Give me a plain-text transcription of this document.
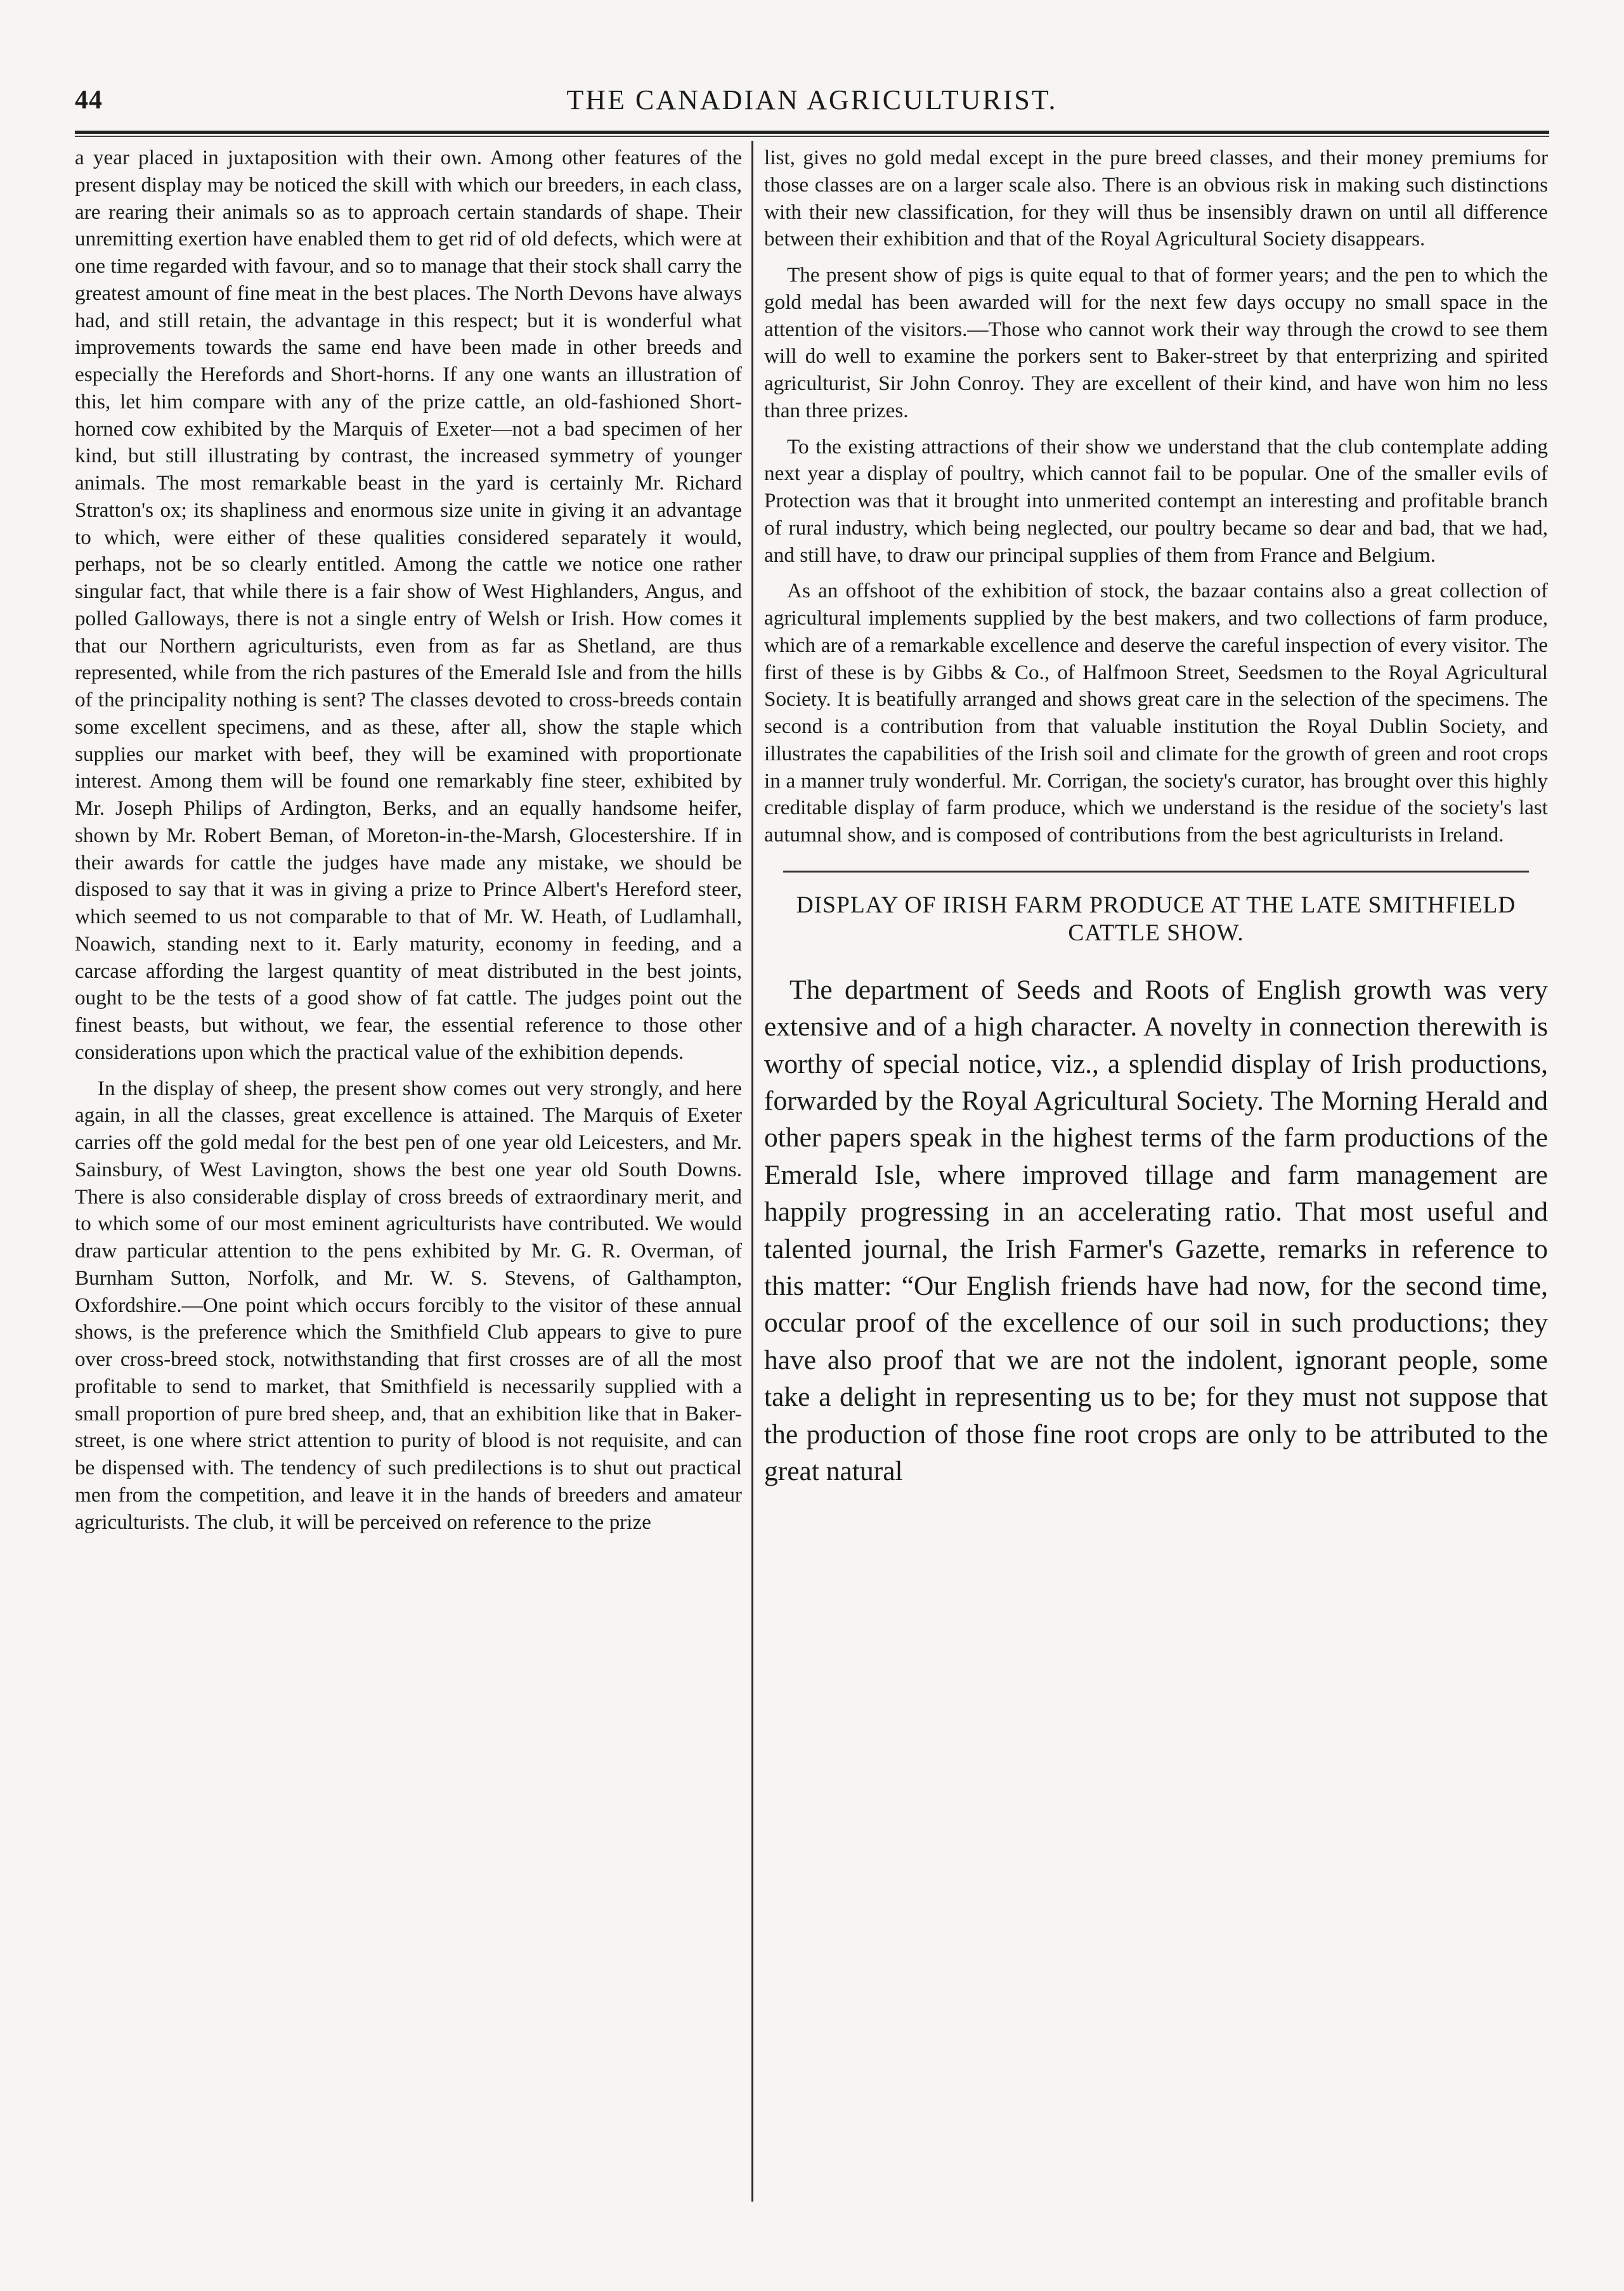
44	THE CANADIAN AGRICULTURIST.

a year placed in juxtaposition with their own. Among other features of the present display may be noticed the skill with which our breeders, in each class, are rearing their animals so as to approach certain standards of shape. Their unremitting exertion have enabled them to get rid of old defects, which were at one time regarded with favour, and so to manage that their stock shall carry the greatest amount of fine meat in the best places. The North Devons have always had, and still retain, the advantage in this respect; but it is wonderful what improvements towards the same end have been made in other breeds and especially the Herefords and Short-horns. If any one wants an illustration of this, let him compare with any of the prize cattle, an old-fashioned Short-horned cow exhibited by the Marquis of Exeter—not a bad specimen of her kind, but still illustrating by contrast, the increased symmetry of younger animals. The most remarkable beast in the yard is certainly Mr. Richard Stratton's ox; its shapliness and enormous size unite in giving it an advantage to which, were either of these qualities considered separately it would, perhaps, not be so clearly entitled. Among the cattle we notice one rather singular fact, that while there is a fair show of West Highlanders, Angus, and polled Galloways, there is not a single entry of Welsh or Irish. How comes it that our Northern agriculturists, even from as far as Shetland, are thus represented, while from the rich pastures of the Emerald Isle and from the hills of the principality nothing is sent? The classes devoted to cross-breeds contain some excellent specimens, and as these, after all, show the staple which supplies our market with beef, they will be examined with proportionate interest. Among them will be found one remarkably fine steer, exhibited by Mr. Joseph Philips of Ardington, Berks, and an equally handsome heifer, shown by Mr. Robert Beman, of Moreton-in-the-Marsh, Glocestershire. If in their awards for cattle the judges have made any mistake, we should be disposed to say that it was in giving a prize to Prince Albert's Hereford steer, which seemed to us not comparable to that of Mr. W. Heath, of Ludlamhall, Noawich, standing next to it. Early maturity, economy in feeding, and a carcase affording the largest quantity of meat distributed in the best joints, ought to be the tests of a good show of fat cattle. The judges point out the finest beasts, but without, we fear, the essential reference to those other considerations upon which the practical value of the exhibition depends.

In the display of sheep, the present show comes out very strongly, and here again, in all the classes, great excellence is attained. The Marquis of Exeter carries off the gold medal for the best pen of one year old Leicesters, and Mr. Sainsbury, of West Lavington, shows the best one year old South Downs. There is also considerable display of cross breeds of extraordinary merit, and to which some of our most eminent agriculturists have contributed. We would draw particular attention to the pens exhibited by Mr. G. R. Overman, of Burnham Sutton, Norfolk, and Mr. W. S. Stevens, of Galthampton, Oxfordshire.—One point which occurs forcibly to the visitor of these annual shows, is the preference which the Smithfield Club appears to give to pure over cross-breed stock, notwithstanding that first crosses are of all the most profitable to send to market, that Smithfield is necessarily supplied with a small proportion of pure bred sheep, and, that an exhibition like that in Baker-street, is one where strict attention to purity of blood is not requisite, and can be dispensed with. The tendency of such predilections is to shut out practical men from the competition, and leave it in the hands of breeders and amateur agriculturists. The club, it will be perceived on reference to the prize

list, gives no gold medal except in the pure breed classes, and their money premiums for those classes are on a larger scale also. There is an obvious risk in making such distinctions with their new classification, for they will thus be insensibly drawn on until all difference between their exhibition and that of the Royal Agricultural Society disappears.

The present show of pigs is quite equal to that of former years; and the pen to which the gold medal has been awarded will for the next few days occupy no small space in the attention of the visitors.—Those who cannot work their way through the crowd to see them will do well to examine the porkers sent to Baker-street by that enterprizing and spirited agriculturist, Sir John Conroy. They are excellent of their kind, and have won him no less than three prizes.

To the existing attractions of their show we understand that the club contemplate adding next year a display of poultry, which cannot fail to be popular. One of the smaller evils of Protection was that it brought into unmerited contempt an interesting and profitable branch of rural industry, which being neglected, our poultry became so dear and bad, that we had, and still have, to draw our principal supplies of them from France and Belgium.

As an offshoot of the exhibition of stock, the bazaar contains also a great collection of agricultural implements supplied by the best makers, and two collections of farm produce, which are of a remarkable excellence and deserve the careful inspection of every visitor. The first of these is by Gibbs & Co., of Halfmoon Street, Seedsmen to the Royal Agricultural Society. It is beatifully arranged and shows great care in the selection of the specimens. The second is a contribution from that valuable institution the Royal Dublin Society, and illustrates the capabilities of the Irish soil and climate for the growth of green and root crops in a manner truly wonderful. Mr. Corrigan, the society's curator, has brought over this highly creditable display of farm produce, which we understand is the residue of the society's last autumnal show, and is composed of contributions from the best agriculturists in Ireland.

DISPLAY OF IRISH FARM PRODUCE AT THE LATE SMITHFIELD CATTLE SHOW.

The department of Seeds and Roots of English growth was very extensive and of a high character. A novelty in connection therewith is worthy of special notice, viz., a splendid display of Irish productions, forwarded by the Royal Agricultural Society. The Morning Herald and other papers speak in the highest terms of the farm productions of the Emerald Isle, where improved tillage and farm management are happily progressing in an accelerating ratio. That most useful and talented journal, the Irish Farmer's Gazette, remarks in reference to this matter: “Our English friends have had now, for the second time, occular proof of the excellence of our soil in such productions; they have also proof that we are not the indolent, ignorant people, some take a delight in representing us to be; for they must not suppose that the production of those fine root crops are only to be attributed to the great natural
